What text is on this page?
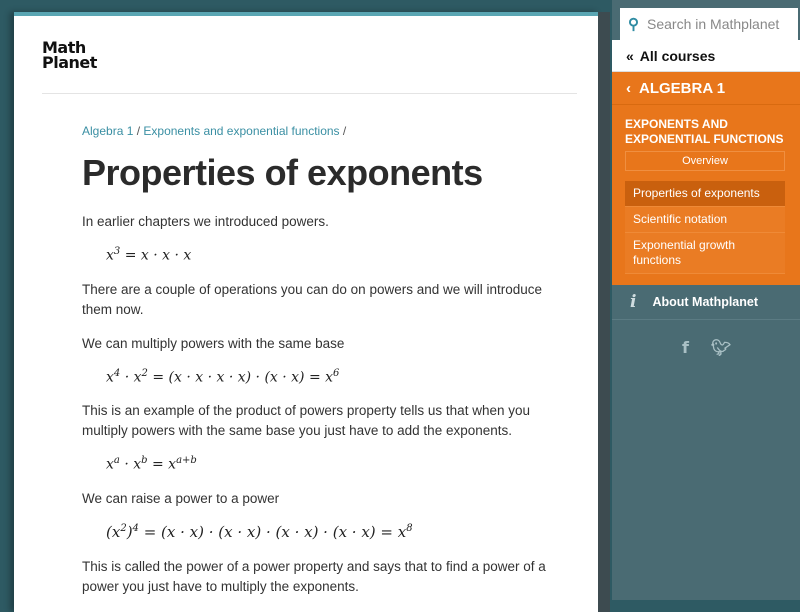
Math
Planet
Algebra 1 / Exponents and exponential functions /
Properties of exponents

In earlier chapters we introduced powers.

$x^3 = x \cdot x \cdot x$

There are a couple of operations you can do on powers and we will introduce them now.

We can multiply powers with the same base

$x^4 \cdot x^2 = (x \cdot x \cdot x \cdot x) \cdot (x \cdot x) = x^6$

This is an example of the product of powers property tells us that when you multiply powers with the same base you just have to add the exponents.

$x^a \cdot x^b = x^{a+b}$

We can raise a power to a power

$(x^2)^4 = (x \cdot x) \cdot (x \cdot x) \cdot (x \cdot x) \cdot (x \cdot x) = x^8$

This is called the power of a power property and says that to find a power of a power you just have to multiply the exponents.

⚲ Search in Mathplanet
« All courses
‹ ALGEBRA 1
EXPONENTS AND EXPONENTIAL FUNCTIONS
Overview
Properties of exponents
Scientific notation
Exponential growth functions
i About Mathplanet
f 🐦︎
